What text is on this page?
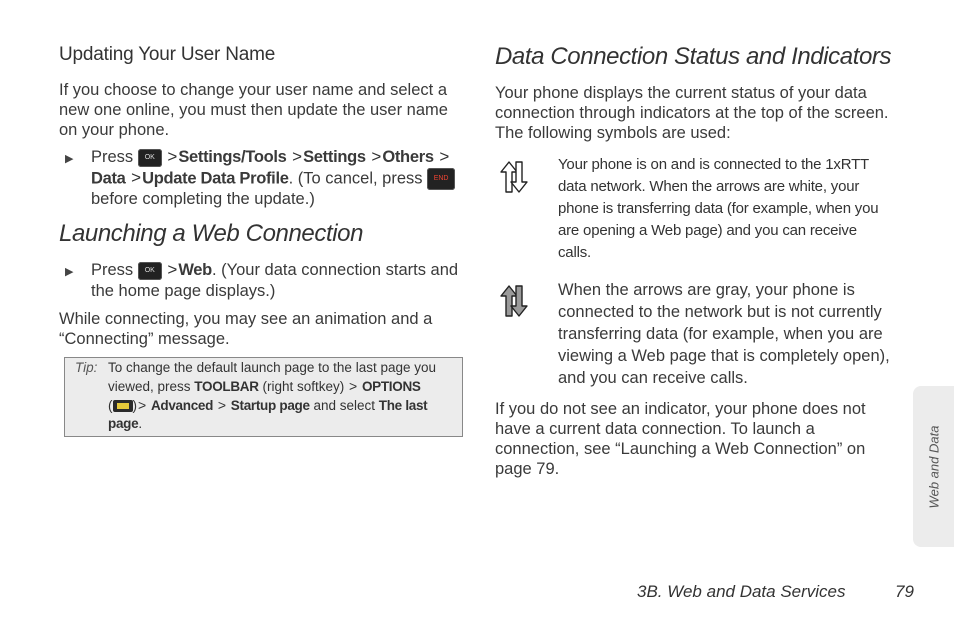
Updating Your User Name
If you choose to change your user name and select a
new one online, you must then update the user name
on your phone.
▶ Press OK >Settings/Tools >Settings >Others >
Data >Update Data Profile. (To cancel, press END
before completing the update.)
Launching a Web Connection
▶ Press OK >Web. (Your data connection starts and
the home page displays.)
While connecting, you may see an animation and a
“Connecting” message.
Tip: To change the default launch page to the last page you
viewed, press TOOLBAR (right softkey) > OPTIONS
( )> Advanced > Startup page and select The last
page.
Data Connection Status and Indicators
Your phone displays the current status of your data
connection through indicators at the top of the screen.
The following symbols are used:
Your phone is on and is connected to the 1xRTT
data network. When the arrows are white, your
phone is transferring data (for example, when you
are opening a Web page) and you can receive
calls.
When the arrows are gray, your phone is
connected to the network but is not currently
transferring data (for example, when you are
viewing a Web page that is completely open),
and you can receive calls.
If you do not see an indicator, your phone does not
have a current data connection. To launch a
connection, see “Launching a Web Connection” on
page 79.	Web and Data
3B. Web and Data Services	79
